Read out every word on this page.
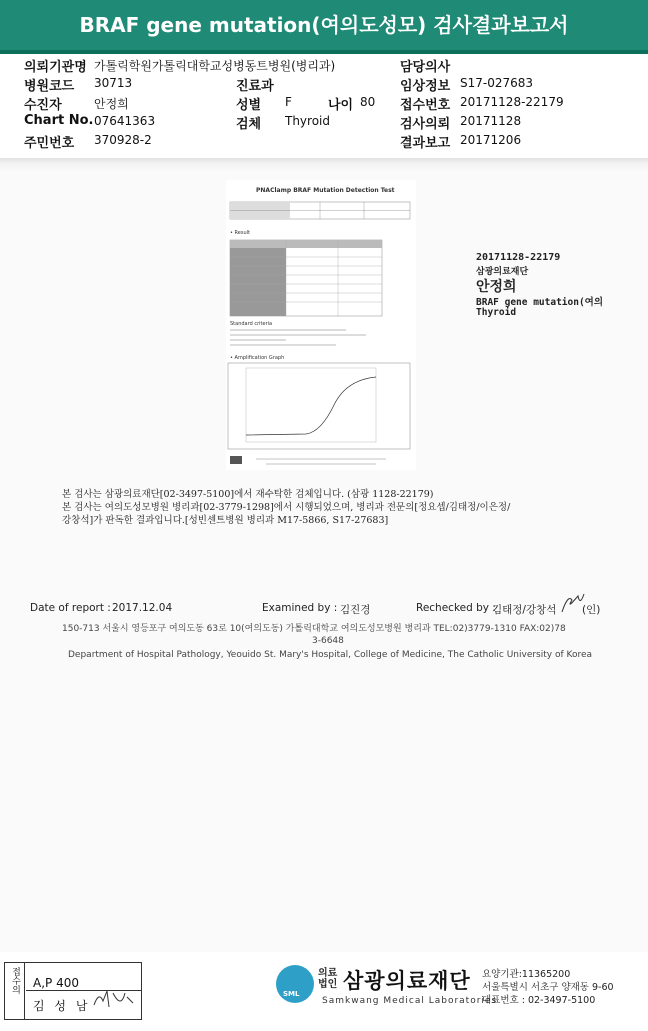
BRAF gene mutation(여의도성모) 검사결과보고서
의뢰기관명 가톨릭학원가톨릭대학교성병동트병원(병리과)	담당의사
병원코드 30713	진료과	임상정보 S17-027683
수진자	안정희	성별 F	나이 80 접수번호 20171128-22179
Chart No. 07641363	검체 Thyroid	검사의뢰 20171128
주민번호 370928-2	결과보고 20171206
PNAClamp BRAF Mutation Detection Test
• Result
Standard criteria
• Amplification Graph
20171128-22179
삼광의료재단
안정희
BRAF gene mutation(여의
Thyroid
본 검사는 삼광의료재단[02-3497-5100]에서 재수탁한 검체입니다. (삼광 1128-22179)
본 검사는 여의도성모병원 병리과[02-3779-1298]에서 시행되었으며, 병리과 전문의[정요셉/김태정/이은정/
강창석]가 판독한 결과입니다.[성빈센트병원 병리과 M17-5866, S17-27683]
Date of report : 2017.12.04	Examined by : 김진경	Rechecked by :
김태정/강창석 (인)
150-713 서울시 영등포구 여의도동 63로 10(여의도동) 가톨릭대학교 여의도성모병원 병리과 TEL:02)3779-1310 FAX:02)78
3-6648
Department of Hospital Pathology, Yeouido St. Mary's Hospital, College of Medicine, The Catholic University of Korea
접수의	A,P 400
김 성 남
SML
의료
법인 삼광의료재단
Samkwang Medical Laboratories
요양기관:11365200
서울특별시 서초구 양재동 9-60
대표번호 : 02-3497-5100
